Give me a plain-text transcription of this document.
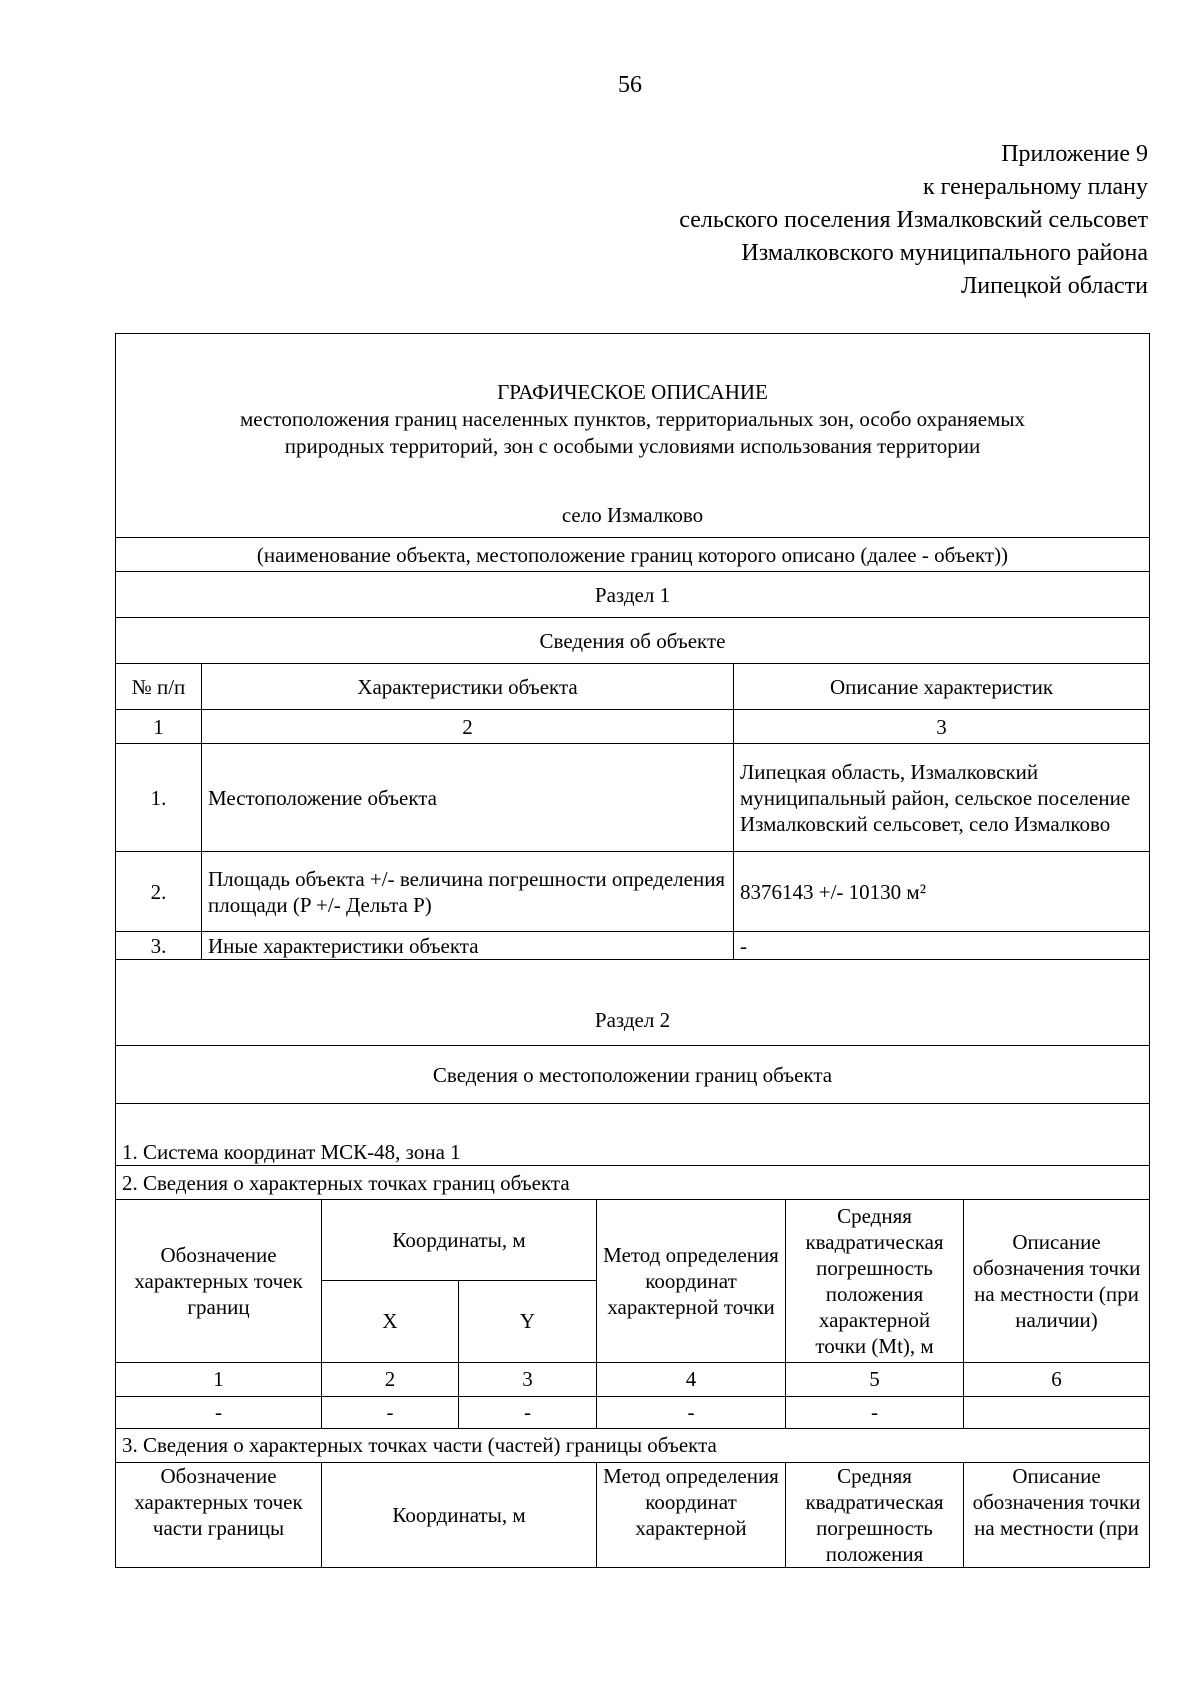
56
Приложение 9
к генеральному плану
сельского поселения Измалковский сельсовет
Измалковского муниципального района
Липецкой области
ГРАФИЧЕСКОЕ ОПИСАНИЕ
местоположения границ населенных пунктов, территориальных зон, особо охраняемых
природных территорий, зон с особыми условиями использования территории
село Измалково		

(наименование объекта, местоположение границ которого описано (далее - объект))		
Раздел 1		
Сведения об объекте		
№ п/п	Характеристики объекта	Описание характеристик
1	2	3
1.	Местоположение объекта	Липецкая область, Измалковский муниципальный район, сельское поселение Измалковский сельсовет, село Измалково
2.	Площадь объекта +/- величина погрешности определения площади (P +/- Дельта P)	8376143 +/- 10130 м²
3.	Иные характеристики объекта	-
Раздел 2		
Сведения о местоположении границ объекта		
1. Система координат МСК-48, зона 1		
2. Сведения о характерных точках границ объекта		
Обозначение характерных точек границ	Координаты, м		Метод определения координат характерной точки	Средняя квадратическая погрешность положения характерной точки (Mt), м	Описание обозначения точки на местности (при наличии)
	X	Y			
1	2	3	4	5	6
-	-	-	-	-	
3. Сведения о характерных точках части (частей) границы объекта					
Обозначение характерных точек части границы	Координаты, м		Метод определения координат характерной	Средняя квадратическая погрешность положения	Описание обозначения точки на местности (при
